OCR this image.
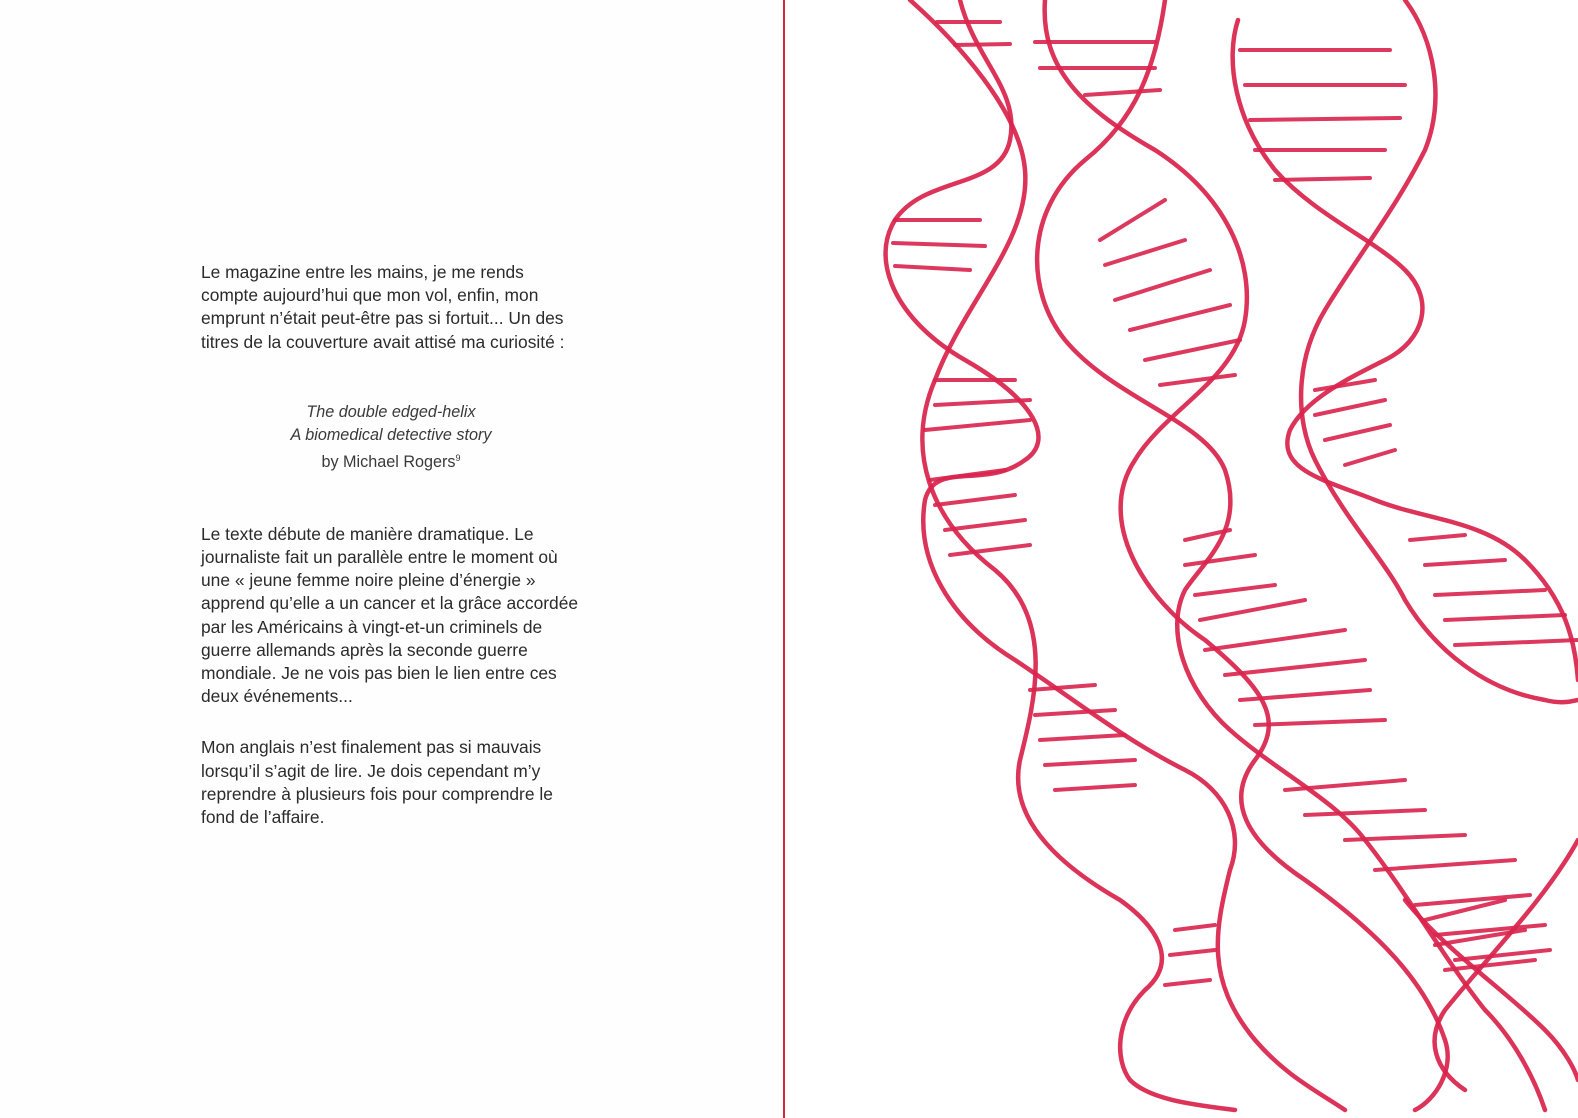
Le magazine entre les mains, je me rends compte aujourd’hui que mon vol, enfin, mon emprunt n’était peut-être pas si fortuit... Un des titres de la couverture avait attisé ma curiosité :

The double edged-helix
A biomedical detective story
by Michael Rogers$^9$

Le texte débute de manière dramatique. Le journaliste fait un parallèle entre le moment où une « jeune femme noire pleine d’énergie » apprend qu’elle a un cancer et la grâce accordée par les Américains à vingt-et-un criminels de guerre allemands après la seconde guerre mondiale. Je ne vois pas bien le lien entre ces deux événements...

Mon anglais n’est finalement pas si mauvais lorsqu’il s’agit de lire. Je dois cependant m’y reprendre à plusieurs fois pour comprendre le fond de l’affaire.
